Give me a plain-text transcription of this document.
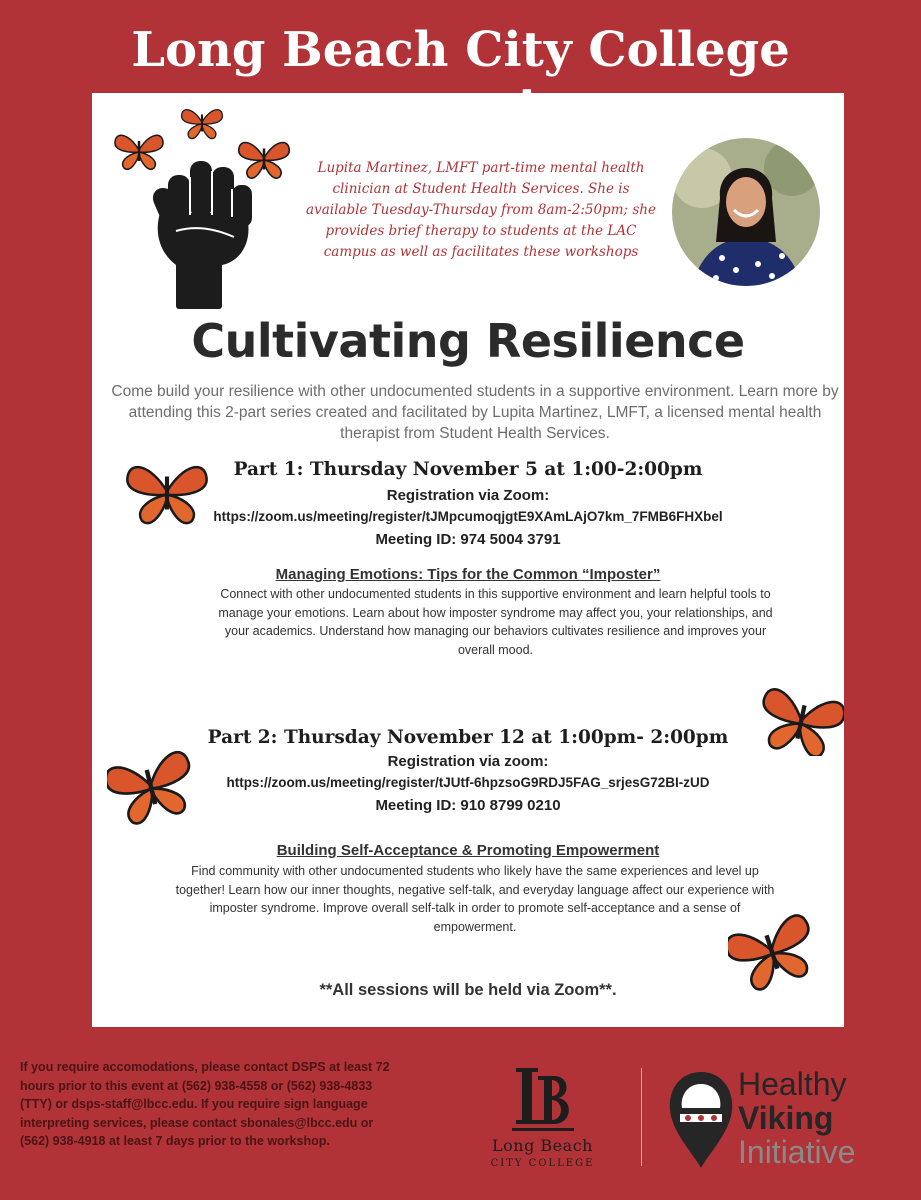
Long Beach City College

Lupita Martinez, LMFT part-time mental health clinician at Student Health Services. She is available Tuesday-Thursday from 8am-2:50pm; she provides brief therapy to students at the LAC campus as well as facilitates these workshops

Cultivating Resilience

Come build your resilience with other undocumented students in a supportive environment. Learn more by attending this 2-part series created and facilitated by Lupita Martinez, LMFT, a licensed mental health therapist from Student Health Services.

Part 1: Thursday November 5 at 1:00-2:00pm

Registration via Zoom:

https://zoom.us/meeting/register/tJMpcumoqjgtE9XAmLAjO7km_7FMB6FHXbel

Meeting ID: 974 5004 3791

Managing Emotions: Tips for the Common “Imposter”

Connect with other undocumented students in this supportive environment and learn helpful tools to manage your emotions. Learn about how imposter syndrome may affect you, your relationships, and your academics. Understand how managing our behaviors cultivates resilience and improves your overall mood.

Part 2: Thursday November 12 at 1:00pm- 2:00pm

Registration via zoom:

https://zoom.us/meeting/register/tJUtf-6hpzsoG9RDJ5FAG_srjesG72BI-zUD

Meeting ID: 910 8799 0210

Building Self-Acceptance & Promoting Empowerment

Find community with other undocumented students who likely have the same experiences and level up together! Learn how our inner thoughts, negative self-talk, and everyday language affect our experience with imposter syndrome. Improve overall self-talk in order to promote self-acceptance and a sense of empowerment.

**All sessions will be held via Zoom**.

If you require accomodations, please contact DSPS at least 72 hours prior to this event at (562) 938-4558 or (562) 938-4833 (TTY) or dsps-staff@lbcc.edu. If you require sign language interpreting services, please contact sbonales@lbcc.edu or (562) 938-4918 at least 7 days prior to the workshop.	Long Beach

CITY COLLEGE

Healthy

Viking

Initiative
